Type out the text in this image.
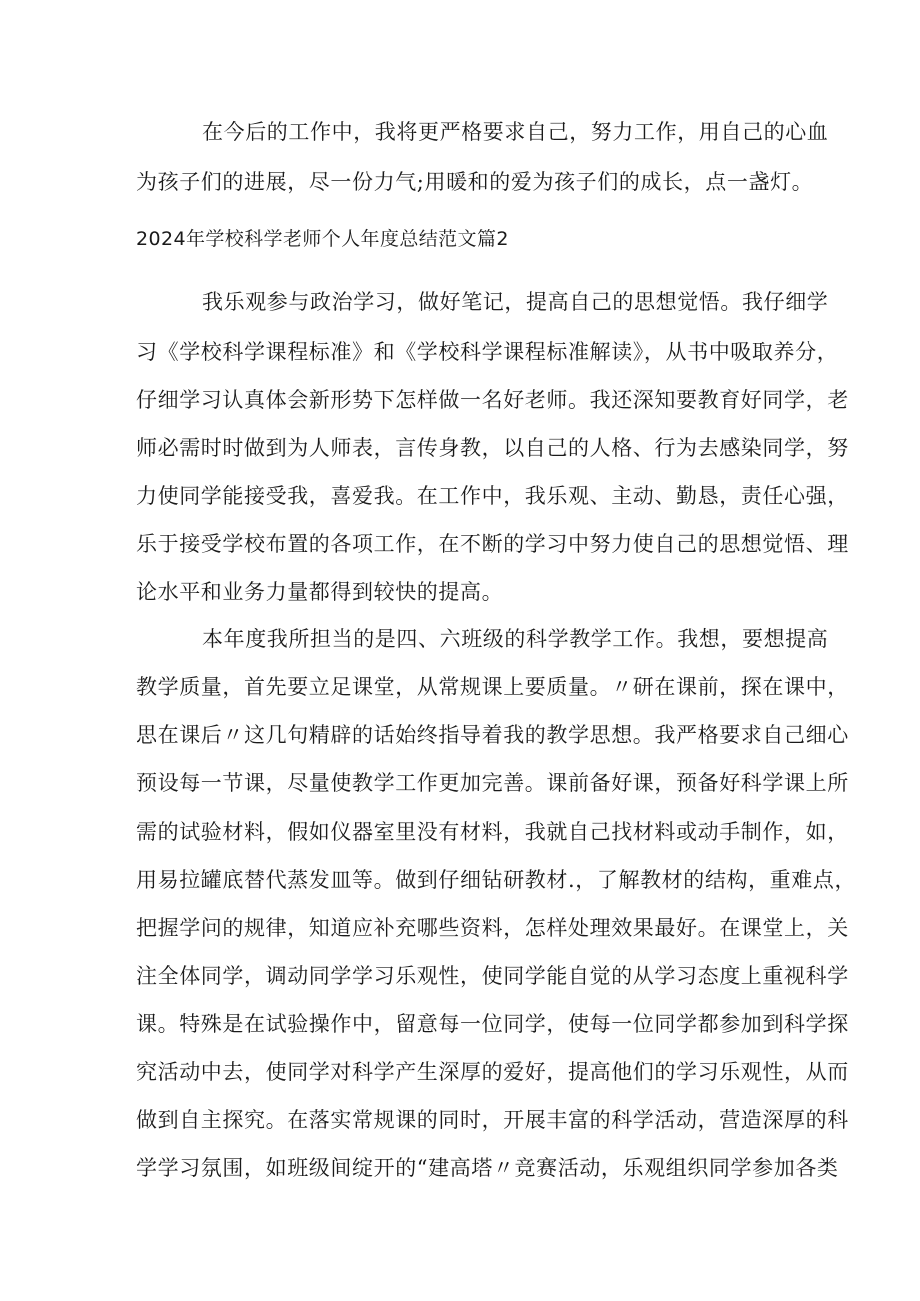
在今后的工作中，我将更严格要求自己，努力工作，用自己的心血
为孩子们的进展，尽一份力气;用暖和的爱为孩子们的成长，点一盏灯。
2024年学校科学老师个人年度总结范文篇2
我乐观参与政治学习，做好笔记，提高自己的思想觉悟。我仔细学
习《学校科学课程标准》和《学校科学课程标准解读》，从书中吸取养分，
仔细学习认真体会新形势下怎样做一名好老师。我还深知要教育好同学，老
师必需时时做到为人师表，言传身教，以自己的人格、行为去感染同学，努
力使同学能接受我，喜爱我。在工作中，我乐观、主动、勤恳，责任心强，
乐于接受学校布置的各项工作，在不断的学习中努力使自己的思想觉悟、理
论水平和业务力量都得到较快的提高。
本年度我所担当的是四、六班级的科学教学工作。我想，要想提高
教学质量，首先要立足课堂，从常规课上要质量。〃研在课前，探在课中，
思在课后〃这几句精辟的话始终指导着我的教学思想。我严格要求自己细心
预设每一节课，尽量使教学工作更加完善。课前备好课，预备好科学课上所
需的试验材料，假如仪器室里没有材料，我就自己找材料或动手制作，如，
用易拉罐底替代蒸发皿等。做到仔细钻研教材.，了解教材的结构，重难点，
把握学问的规律，知道应补充哪些资料，怎样处理效果最好。在课堂上，关
注全体同学，调动同学学习乐观性，使同学能自觉的从学习态度上重视科学
课。特殊是在试验操作中，留意每一位同学，使每一位同学都参加到科学探
究活动中去，使同学对科学产生深厚的爱好，提高他们的学习乐观性，从而
做到自主探究。在落实常规课的同时，开展丰富的科学活动，营造深厚的科
学学习氛围，如班级间绽开的“建高塔〃竞赛活动，乐观组织同学参加各类
